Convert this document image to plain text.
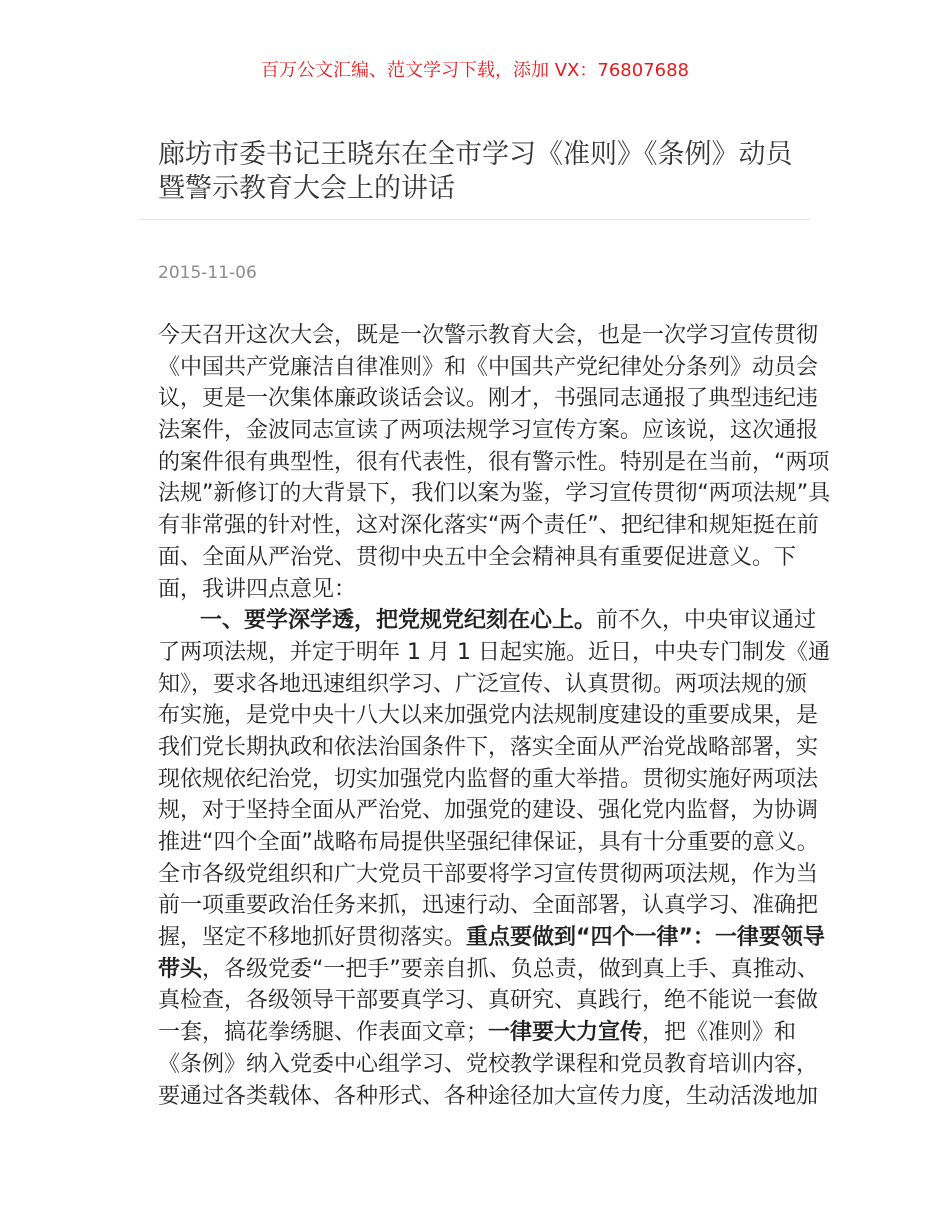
百万公文汇编、范文学习下载，添加 VX：76807688
廊坊市委书记王晓东在全市学习《准则》《条例》动员
暨警示教育大会上的讲话
2015-11-06
今天召开这次大会，既是一次警示教育大会，也是一次学习宣传贯彻
《中国共产党廉洁自律准则》和《中国共产党纪律处分条列》动员会
议，更是一次集体廉政谈话会议。刚才，书强同志通报了典型违纪违
法案件，金波同志宣读了两项法规学习宣传方案。应该说，这次通报
的案件很有典型性，很有代表性，很有警示性。特别是在当前，“两项
法规”新修订的大背景下，我们以案为鉴，学习宣传贯彻“两项法规”具
有非常强的针对性，这对深化落实“两个责任”、把纪律和规矩挺在前
面、全面从严治党、贯彻中央五中全会精神具有重要促进意义。下
面，我讲四点意见：
一、要学深学透，把党规党纪刻在心上。前不久，中央审议通过
了两项法规，并定于明年 1 月 1 日起实施。近日，中央专门制发《通
知》，要求各地迅速组织学习、广泛宣传、认真贯彻。两项法规的颁
布实施，是党中央十八大以来加强党内法规制度建设的重要成果，是
我们党长期执政和依法治国条件下，落实全面从严治党战略部署，实
现依规依纪治党，切实加强党内监督的重大举措。贯彻实施好两项法
规，对于坚持全面从严治党、加强党的建设、强化党内监督，为协调
推进“四个全面”战略布局提供坚强纪律保证，具有十分重要的意义。
全市各级党组织和广大党员干部要将学习宣传贯彻两项法规，作为当
前一项重要政治任务来抓，迅速行动、全面部署，认真学习、准确把
握，坚定不移地抓好贯彻落实。重点要做到“四个一律”：一律要领导
带头，各级党委“一把手”要亲自抓、负总责，做到真上手、真推动、
真检查，各级领导干部要真学习、真研究、真践行，绝不能说一套做
一套，搞花拳绣腿、作表面文章；一律要大力宣传，把《准则》和
《条例》纳入党委中心组学习、党校教学课程和党员教育培训内容，
要通过各类载体、各种形式、各种途径加大宣传力度，生动活泼地加
